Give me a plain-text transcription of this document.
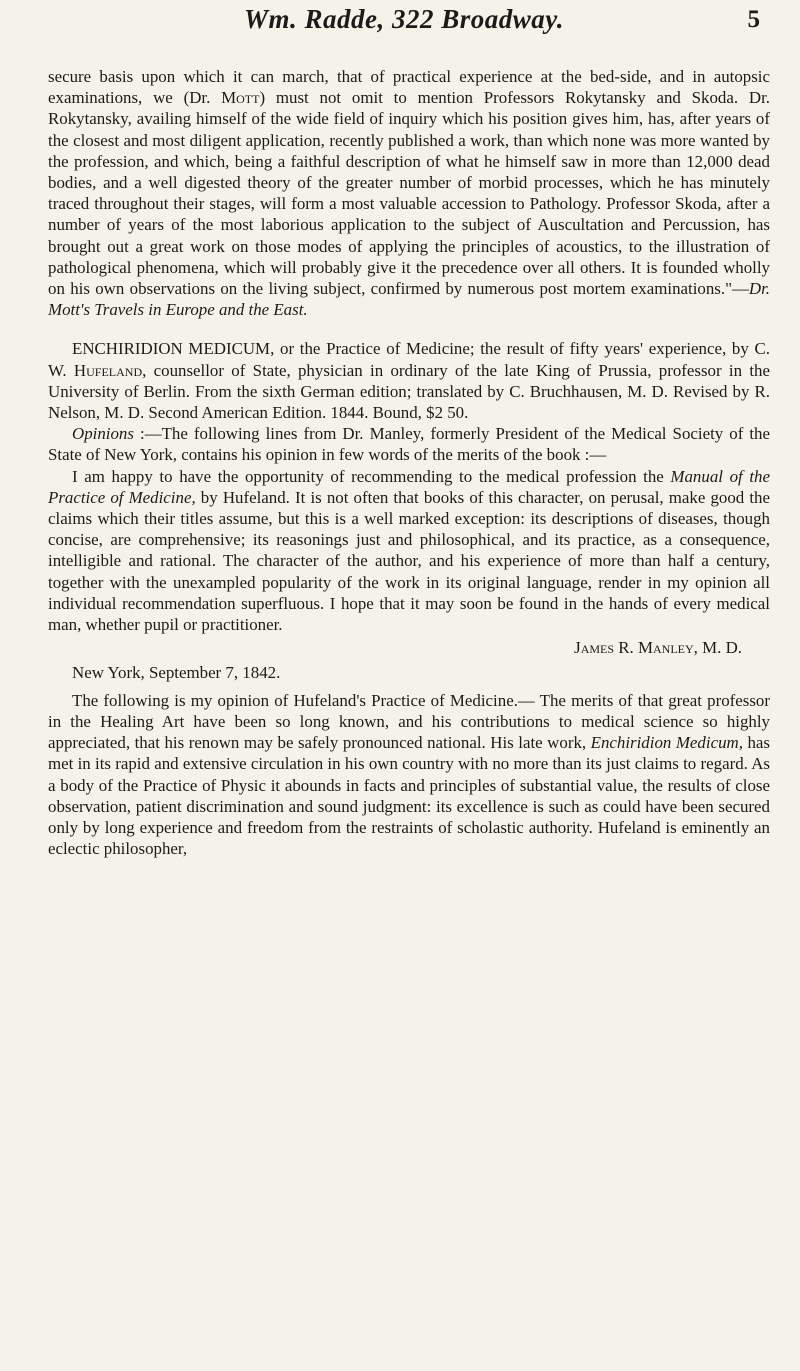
Wm. Radde, 322 Broadway.	5

secure basis upon which it can march, that of practical experience at the bed-side, and in autopsic examinations, we (Dr. Mott) must not omit to mention Professors Rokytansky and Skoda. Dr. Rokytansky, availing himself of the wide field of inquiry which his position gives him, has, after years of the closest and most diligent application, recently published a work, than which none was more wanted by the profession, and which, being a faithful description of what he himself saw in more than 12,000 dead bodies, and a well digested theory of the greater number of morbid processes, which he has minutely traced throughout their stages, will form a most valuable accession to Pathology. Professor Skoda, after a number of years of the most laborious application to the subject of Auscultation and Percussion, has brought out a great work on those modes of applying the principles of acoustics, to the illustration of pathological phenomena, which will probably give it the precedence over all others. It is founded wholly on his own observations on the living subject, confirmed by numerous post mortem examinations."—Dr. Mott's Travels in Europe and the East.

ENCHIRIDION MEDICUM, or the Practice of Medicine; the result of fifty years' experience, by C. W. Hufeland, counsellor of State, physician in ordinary of the late King of Prussia, professor in the University of Berlin. From the sixth German edition; translated by C. Bruchhausen, M. D. Revised by R. Nelson, M. D. Second American Edition. 1844. Bound, $2 50.

Opinions :—The following lines from Dr. Manley, formerly President of the Medical Society of the State of New York, contains his opinion in few words of the merits of the book :—

I am happy to have the opportunity of recommending to the medical profession the Manual of the Practice of Medicine, by Hufeland. It is not often that books of this character, on perusal, make good the claims which their titles assume, but this is a well marked exception: its descriptions of diseases, though concise, are comprehensive; its reasonings just and philosophical, and its practice, as a consequence, intelligible and rational. The character of the author, and his experience of more than half a century, together with the unexampled popularity of the work in its original language, render in my opinion all individual recommendation superfluous. I hope that it may soon be found in the hands of every medical man, whether pupil or practitioner.

James R. Manley, M. D.

New York, September 7, 1842.

The following is my opinion of Hufeland's Practice of Medicine.— The merits of that great professor in the Healing Art have been so long known, and his contributions to medical science so highly appreciated, that his renown may be safely pronounced national. His late work, Enchiridion Medicum, has met in its rapid and extensive circulation in his own country with no more than its just claims to regard. As a body of the Practice of Physic it abounds in facts and principles of substantial value, the results of close observation, patient discrimination and sound judgment: its excellence is such as could have been secured only by long experience and freedom from the restraints of scholastic authority. Hufeland is eminently an eclectic philosopher,
